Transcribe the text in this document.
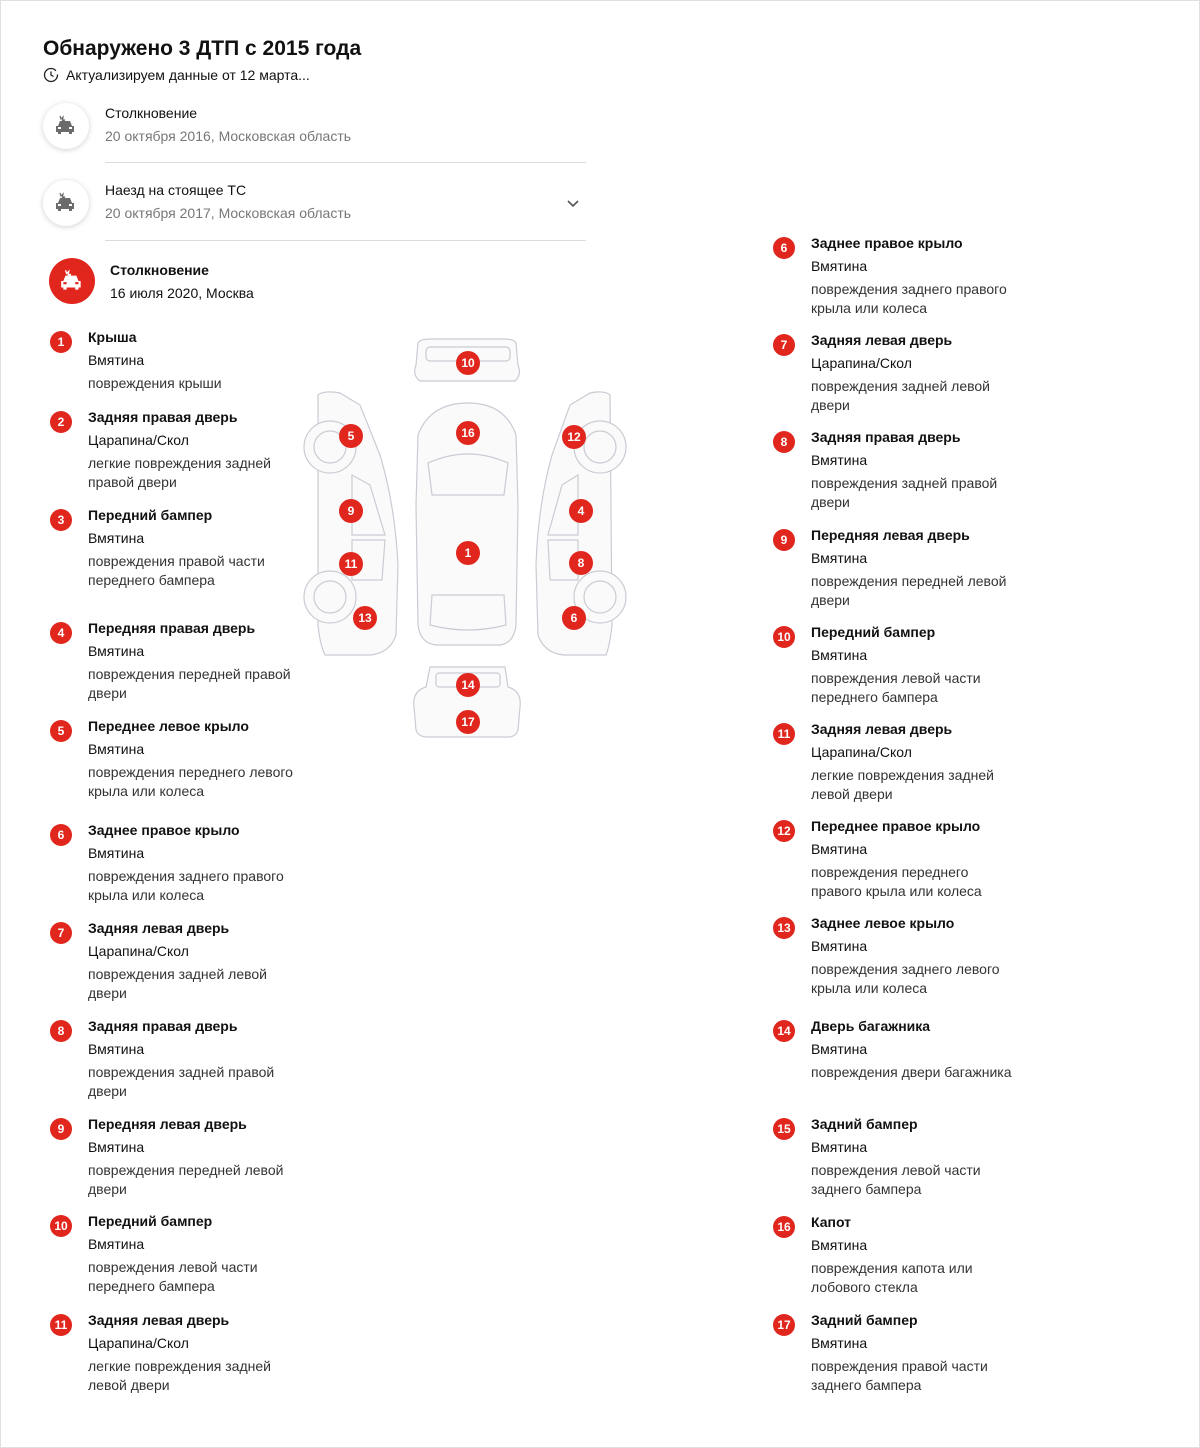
Обнаружено 3 ДТП с 2015 года
Актуализируем данные от 12 марта...
Столкновение
20 октября 2016, Московская область
Наезд на стоящее ТС
20 октября 2017, Московская область
Столкновение
16 июля 2020, Москва
1	Крыша
Вмятина
повреждения крыши
2	Задняя правая дверь
Царапина/Скол
легкие повреждения задней правой двери
3	Передний бампер
Вмятина
повреждения правой части переднего бампера
4	Передняя правая дверь
Вмятина
повреждения передней правой двери
5	Переднее левое крыло
Вмятина
повреждения переднего левого крыла или колеса
6	Заднее правое крыло
Вмятина
повреждения заднего правого крыла или колеса
7	Задняя левая дверь
Царапина/Скол
повреждения задней левой двери
8	Задняя правая дверь
Вмятина
повреждения задней правой двери
9	Передняя левая дверь
Вмятина
повреждения передней левой двери
10	Передний бампер
Вмятина
повреждения левой части переднего бампера
11	Задняя левая дверь
Царапина/Скол
легкие повреждения задней левой двери
6	Заднее правое крыло
Вмятина
повреждения заднего правого крыла или колеса
7	Задняя левая дверь
Царапина/Скол
повреждения задней левой двери
8	Задняя правая дверь
Вмятина
повреждения задней правой двери
9	Передняя левая дверь
Вмятина
повреждения передней левой двери
10	Передний бампер
Вмятина
повреждения левой части переднего бампера
11	Задняя левая дверь
Царапина/Скол
легкие повреждения задней левой двери
12	Переднее правое крыло
Вмятина
повреждения переднего правого крыла или колеса
13	Заднее левое крыло
Вмятина
повреждения заднего левого крыла или колеса
14	Дверь багажника
Вмятина
повреждения двери багажника
15	Задний бампер
Вмятина
повреждения левой части заднего бампера
16	Капот
Вмятина
повреждения капота или лобового стекла
17	Задний бампер
Вмятина
повреждения правой части заднего бампера
10
5	16	12
9	4
1
11	8
13	6
14
17
